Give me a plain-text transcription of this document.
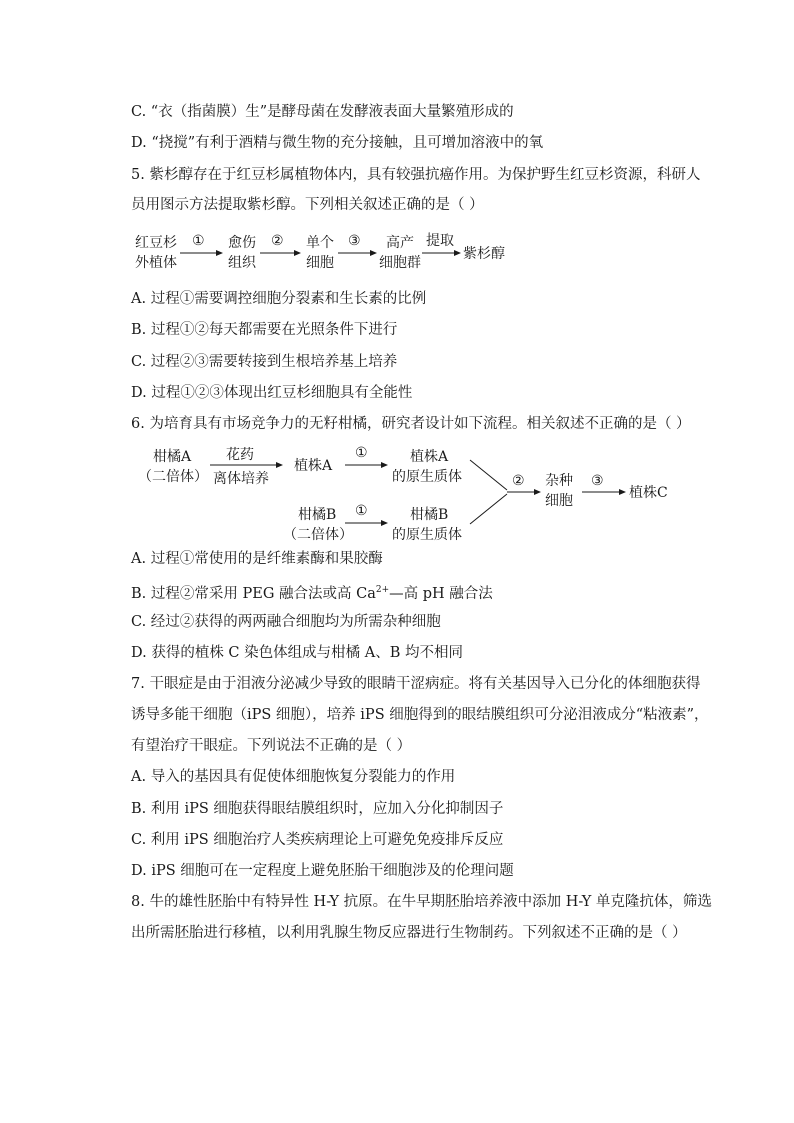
C. “衣（指菌膜）生”是酵母菌在发酵液表面大量繁殖形成的
D. “挠搅”有利于酒精与微生物的充分接触，且可增加溶液中的氧
5. 紫杉醇存在于红豆杉属植物体内，具有较强抗癌作用。为保护野生红豆杉资源，科研人
员用图示方法提取紫杉醇。下列相关叙述正确的是（ ）
红豆杉
外植体
① 愈伤
组织
② 单个
细胞
③ 高产
细胞群
提取
紫杉醇
A. 过程①需要调控细胞分裂素和生长素的比例
B. 过程①②每天都需要在光照条件下进行
C. 过程②③需要转接到生根培养基上培养
D. 过程①②③体现出红豆杉细胞具有全能性
6. 为培育具有市场竞争力的无籽柑橘，研究者设计如下流程。相关叙述不正确的是（ ）
柑橘A
（二倍体）
花药
离体培养
植株A
①	植株A
的原生质体
柑橘B
（二倍体）
①	柑橘B
的原生质体
② 杂种
细胞
③
植株C
A. 过程①常使用的是纤维素酶和果胶酶
B. 过程②常采用 PEG 融合法或高 $Ca^{2+}—$高 pH 融合法
C. 经过②获得的两两融合细胞均为所需杂种细胞
D. 获得的植株 C 染色体组成与柑橘 A、B 均不相同
7. 干眼症是由于泪液分泌减少导致的眼睛干涩病症。将有关基因导入已分化的体细胞获得
诱导多能干细胞（iPS 细胞），培养 iPS 细胞得到的眼结膜组织可分泌泪液成分“粘液素”，
有望治疗干眼症。下列说法不正确的是（ ）
A. 导入的基因具有促使体细胞恢复分裂能力的作用
B. 利用 iPS 细胞获得眼结膜组织时，应加入分化抑制因子
C. 利用 iPS 细胞治疗人类疾病理论上可避免免疫排斥反应
D. iPS 细胞可在一定程度上避免胚胎干细胞涉及的伦理问题
8. 牛的雄性胚胎中有特异性 H-Y 抗原。在牛早期胚胎培养液中添加 H-Y 单克隆抗体，筛选
出所需胚胎进行移植，以利用乳腺生物反应器进行生物制药。下列叙述不正确的是（ ）
